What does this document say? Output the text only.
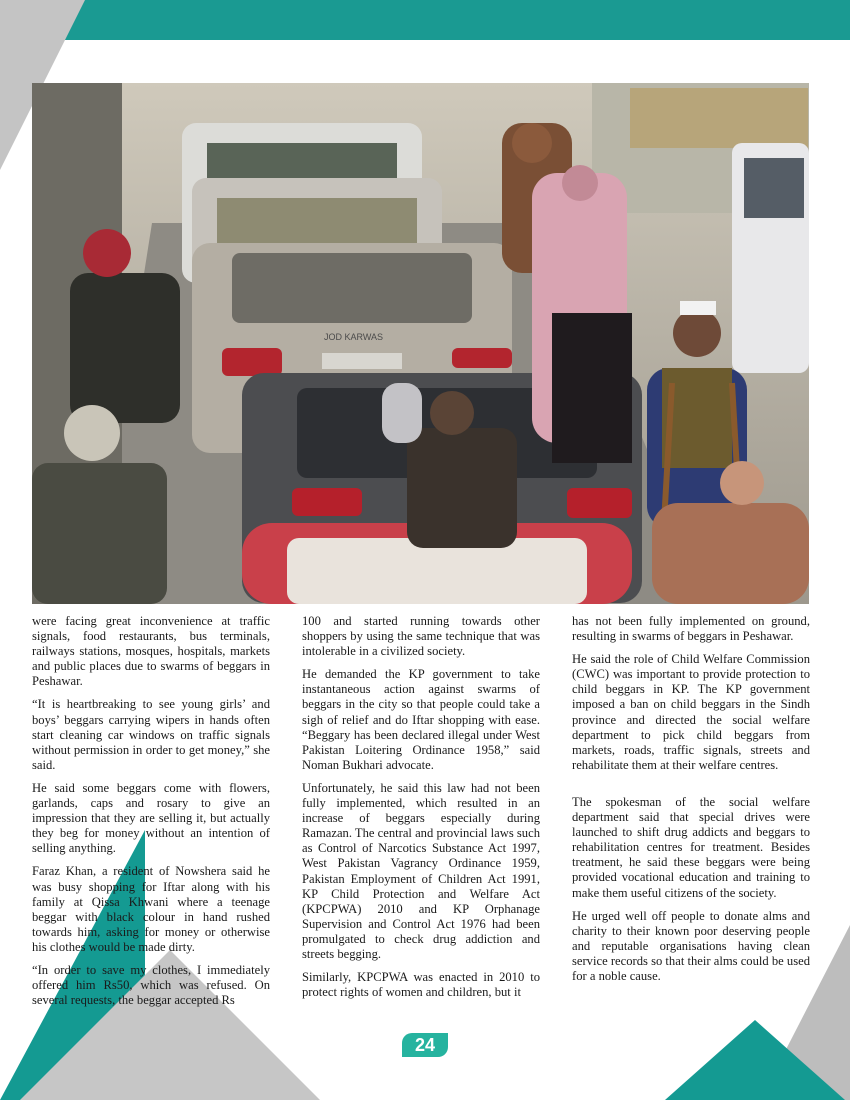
JOD KARWAS

were facing great inconvenience at traffic signals, food restaurants, bus terminals, railways stations, mosques, hospitals, markets and public places due to swarms of beggars in Peshawar.

“It is heartbreaking to see young girls’ and boys’ beggars carrying wipers in hands often start cleaning car windows on traffic signals without permission in order to get money,” she said.

He said some beggars come with flowers, garlands, caps and rosary to give an impression that they are selling it, but actually they beg for money without an intention of selling anything.

Faraz Khan, a resident of Nowshera said he was busy shopping for Iftar along with his family at Qissa Khwani where a teenage beggar with black colour in hand rushed towards him, asking for money or otherwise his clothes would be made dirty.

“In order to save my clothes, I immediately offered him Rs50, which was refused. On several requests, the beggar accepted Rs

100 and started running towards other shoppers by using the same technique that was intolerable in a civilized society.

He demanded the KP government to take instantaneous action against swarms of beggars in the city so that people could take a sigh of relief and do Iftar shopping with ease. “Beggary has been declared illegal under West Pakistan Loitering Ordinance 1958,” said Noman Bukhari advocate.

Unfortunately, he said this law had not been fully implemented, which resulted in an increase of beggars especially during Ramazan. The central and provincial laws such as Control of Narcotics Substance Act 1997, West Pakistan Vagrancy Ordinance 1959, Pakistan Employment of Children Act 1991, KP Child Protection and Welfare Act (KPCPWA) 2010 and KP Orphanage Supervision and Control Act 1976 had been promulgated to check drug addiction and streets begging.

Similarly, KPCPWA was enacted in 2010 to protect rights of women and children, but it

has not been fully implemented on ground, resulting in swarms of beggars in Peshawar.

He said the role of Child Welfare Commission (CWC) was important to provide protection to child beggars in KP. The KP government imposed a ban on child beggars in the Sindh province and directed the social welfare department to pick child beggars from markets, roads, traffic signals, streets and rehabilitate them at their welfare centres.

The spokesman of the social welfare department said that special drives were launched to shift drug addicts and beggars to rehabilitation centres for treatment. Besides treatment, he said these beggars were being provided vocational education and training to make them useful citizens of the society.

He urged well off people to donate alms and charity to their known poor deserving people and reputable organisations having clean service records so that their alms could be used for a noble cause.

24
